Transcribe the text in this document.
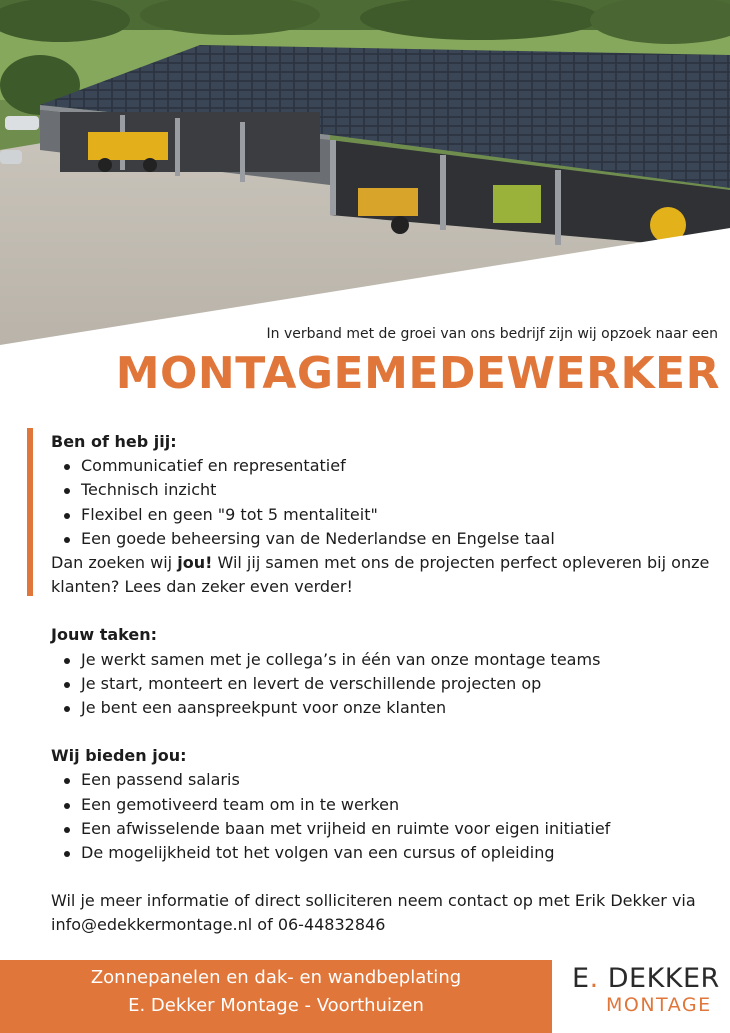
In verband met de groei van ons bedrijf zijn wij opzoek naar een
MONTAGEMEDEWERKER

Ben of heb jij:

Communicatief en representatief
Technisch inzicht
Flexibel en geen "9 tot 5 mentaliteit"
Een goede beheersing van de Nederlandse en Engelse taal

Dan zoeken wij jou! Wil jij samen met ons de projecten perfect opleveren bij onze klanten? Lees dan zeker even verder!

Jouw taken:

Je werkt samen met je collega’s in één van onze montage teams
Je start, monteert en levert de verschillende projecten op
Je bent een aanspreekpunt voor onze klanten

Wij bieden jou:

Een passend salaris
Een gemotiveerd team om in te werken
Een afwisselende baan met vrijheid en ruimte voor eigen initiatief
De mogelijkheid tot het volgen van een cursus of opleiding

Wil je meer informatie of direct solliciteren neem contact op met Erik Dekker via info@edekkermontage.nl of 06-44832846

Zonnepanelen en dak- en wandbeplating
E. Dekker Montage - Voorthuizen
E. DEKKER
MONTAGE
